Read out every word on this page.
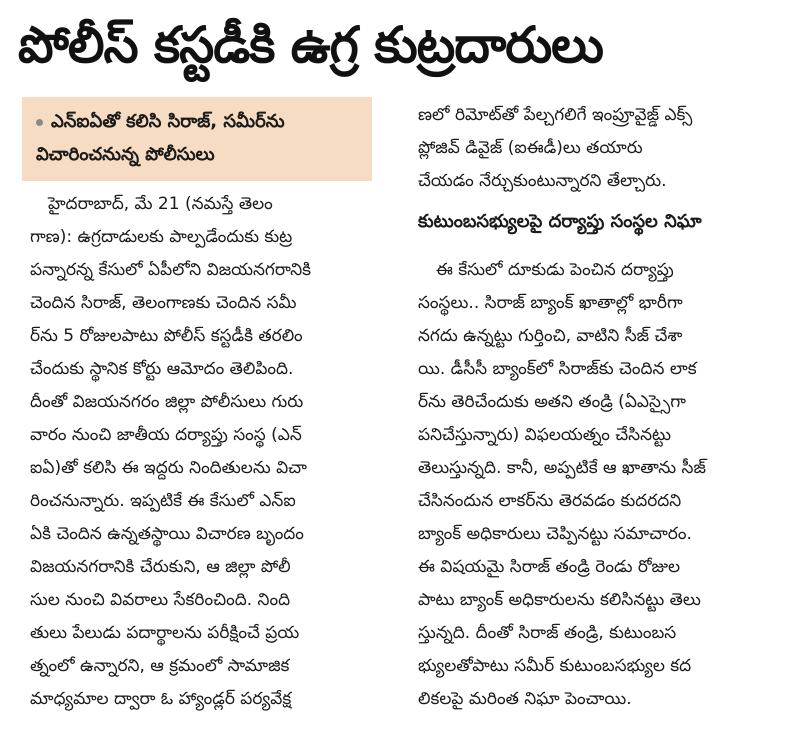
పోలీస్ కస్టడీకి ఉగ్ర కుట్రదారులు
ఎన్ఐఏతో కలిసి సిరాజ్, సమీర్‌ను
విచారించనున్న పోలీసులు
హైదరాబాద్, మే 21 (నమస్తే తెలం
గాణ): ఉగ్రదాడులకు పాల్పడేందుకు కుట్ర
పన్నారన్న కేసులో ఏపీలోని విజయనగరానికి
చెందిన సిరాజ్, తెలంగాణకు చెందిన సమీ
ర్‌ను 5 రోజులపాటు పోలీస్ కస్టడీకి తరలిం
చేందుకు స్థానిక కోర్టు ఆమోదం తెలిపింది.
దీంతో విజయనగరం జిల్లా పోలీసులు గురు
వారం నుంచి జాతీయ దర్యాప్తు సంస్థ (ఎన్
ఐఏ)తో కలిసి ఈ ఇద్దరు నిందితులను విచా
రించనున్నారు. ఇప్పటికే ఈ కేసులో ఎన్ఐ
ఏకి చెందిన ఉన్నతస్థాయి విచారణ బృందం
విజయనగరానికి చేరుకుని, ఆ జిల్లా పోలీ
సుల నుంచి వివరాలు సేకరించింది. నింది
తులు పేలుడు పదార్థాలను పరీక్షించే ప్రయ
త్నంలో ఉన్నారని, ఆ క్రమంలో సామాజిక
మాధ్యమాల ద్వారా ఓ హ్యాండ్లర్ పర్యవేక్ష
ణలో రిమోట్‌తో పేల్చగలిగే ఇంప్రూవైజ్డ్ ఎక్స్
ప్లోజివ్ డివైజ్ (ఐఈడీ)లు తయారు
చేయడం నేర్చుకుంటున్నారని తేల్చారు.
కుటుంబసభ్యులపై దర్యాప్తు సంస్థల నిఘా
ఈ కేసులో దూకుడు పెంచిన దర్యాప్తు
సంస్థలు.. సిరాజ్ బ్యాంక్ ఖాతాల్లో భారీగా
నగదు ఉన్నట్టు గుర్తించి, వాటిని సీజ్ చేశా
యి. డీసీసీ బ్యాంక్‌లో సిరాజ్‌కు చెందిన లాక
ర్‌ను తెరిచేందుకు అతని తండ్రి (ఏఎస్సైగా
పనిచేస్తున్నారు) విఫలయత్నం చేసినట్టు
తెలుస్తున్నది. కానీ, అప్పటికే ఆ ఖాతాను సీజ్
చేసినందున లాకర్‌ను తెరవడం కుదరదని
బ్యాంక్ అధికారులు చెప్పినట్టు సమాచారం.
ఈ విషయమై సిరాజ్ తండ్రి రెండు రోజుల
పాటు బ్యాంక్ అధికారులను కలిసినట్టు తెలు
స్తున్నది. దీంతో సిరాజ్ తండ్రి, కుటుంబస
భ్యులతోపాటు సమీర్ కుటుంబసభ్యుల కద
లికలపై మరింత నిఘా పెంచాయి.
